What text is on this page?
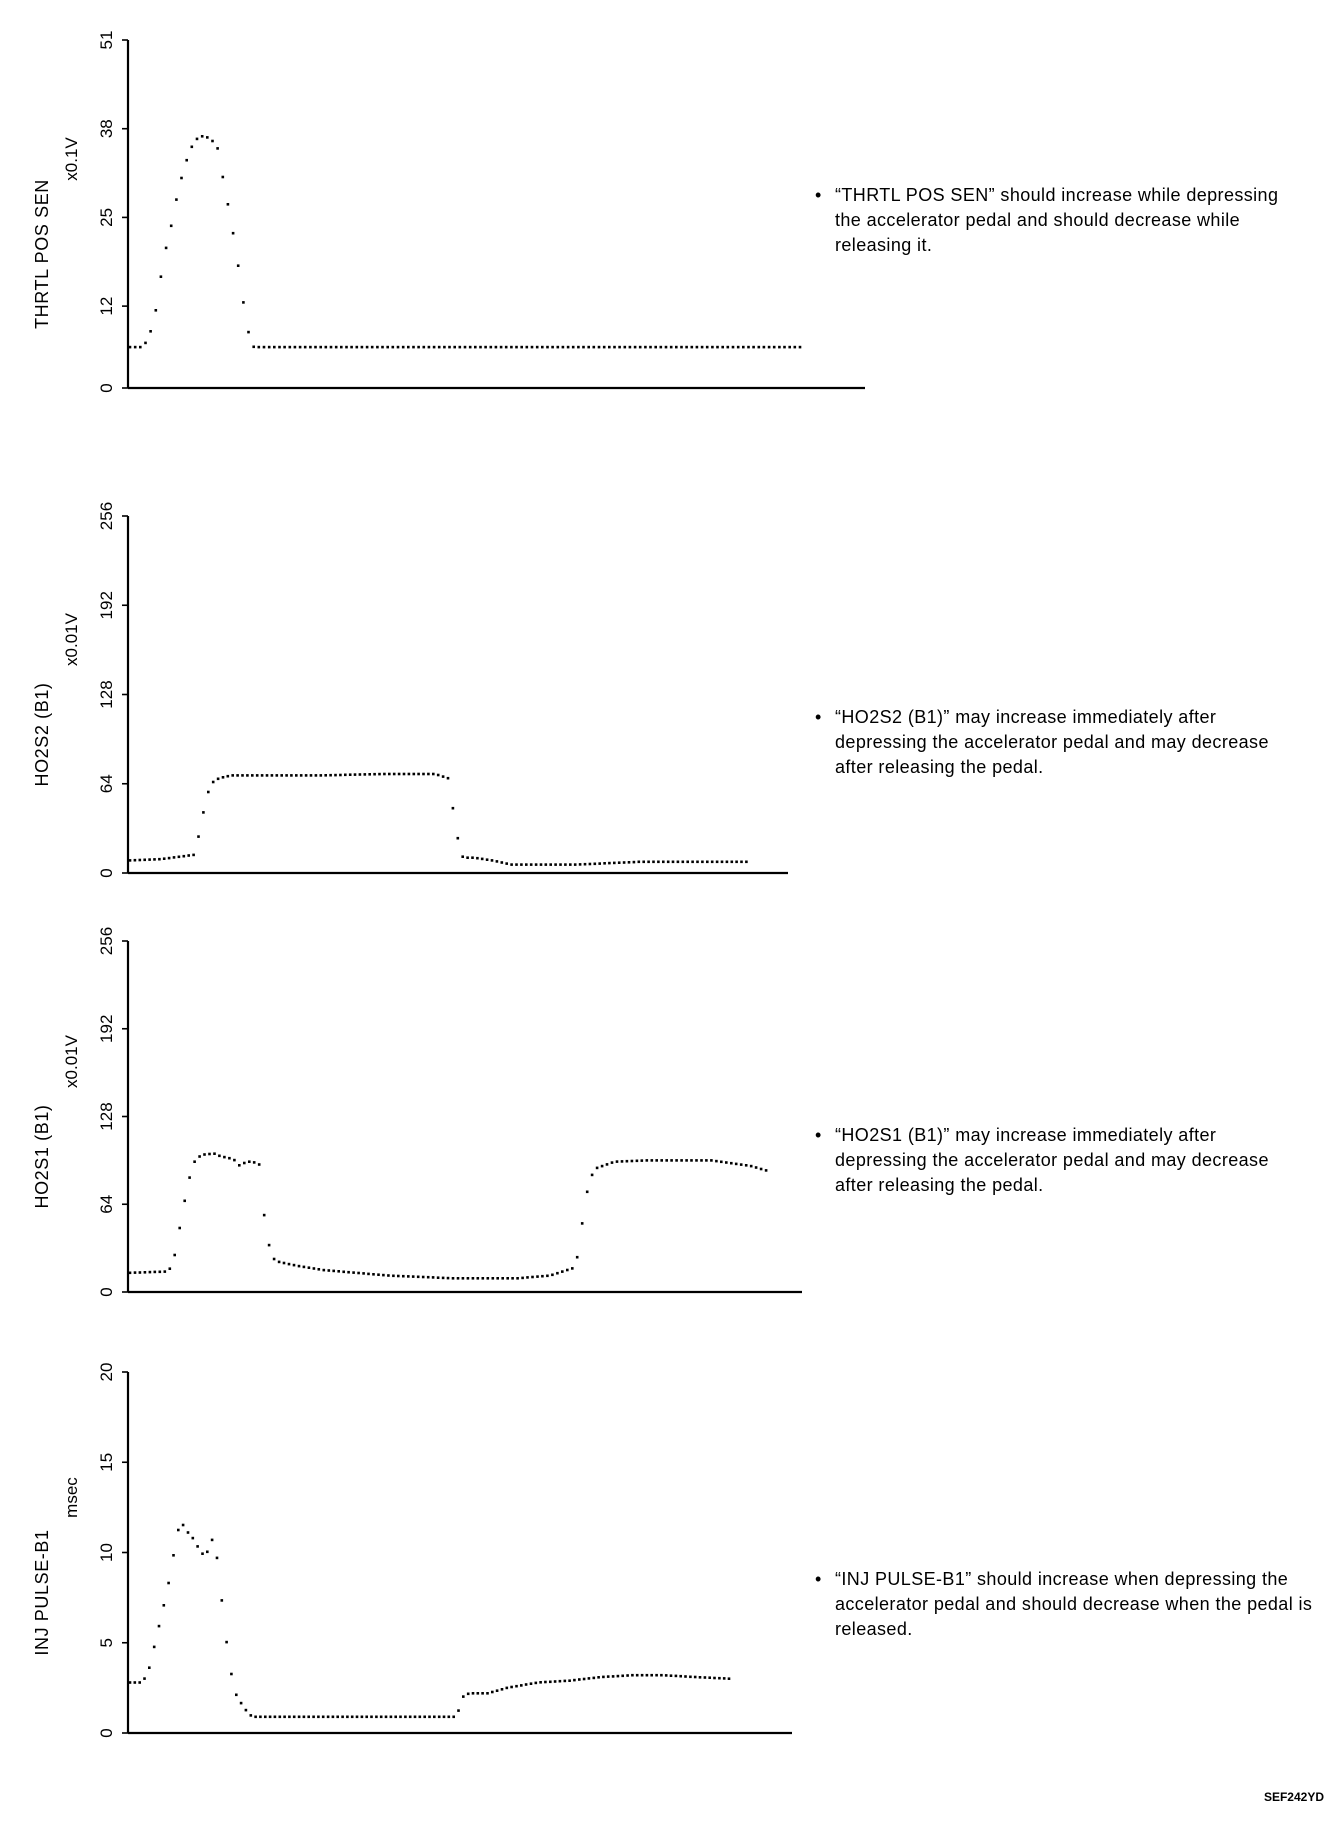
0
12
25
38
51
THRTL POS SEN
x0.1V
0
64
128
192
256
HO2S2 (B1)
x0.01V
0
64
128
192
256
HO2S1 (B1)
x0.01V
0
5
10
15
20
INJ PULSE-B1
msec
• “THRTL POS SEN” should increase while depressing the accelerator pedal and should decrease while releasing it.
• “HO2S2 (B1)” may increase immediately after depressing the accelerator pedal and may decrease after releasing the pedal.
• “HO2S1 (B1)” may increase immediately after depressing the accelerator pedal and may decrease after releasing the pedal.
• “INJ PULSE-B1” should increase when depressing the accelerator pedal and should decrease when the pedal is released.
SEF242YD
